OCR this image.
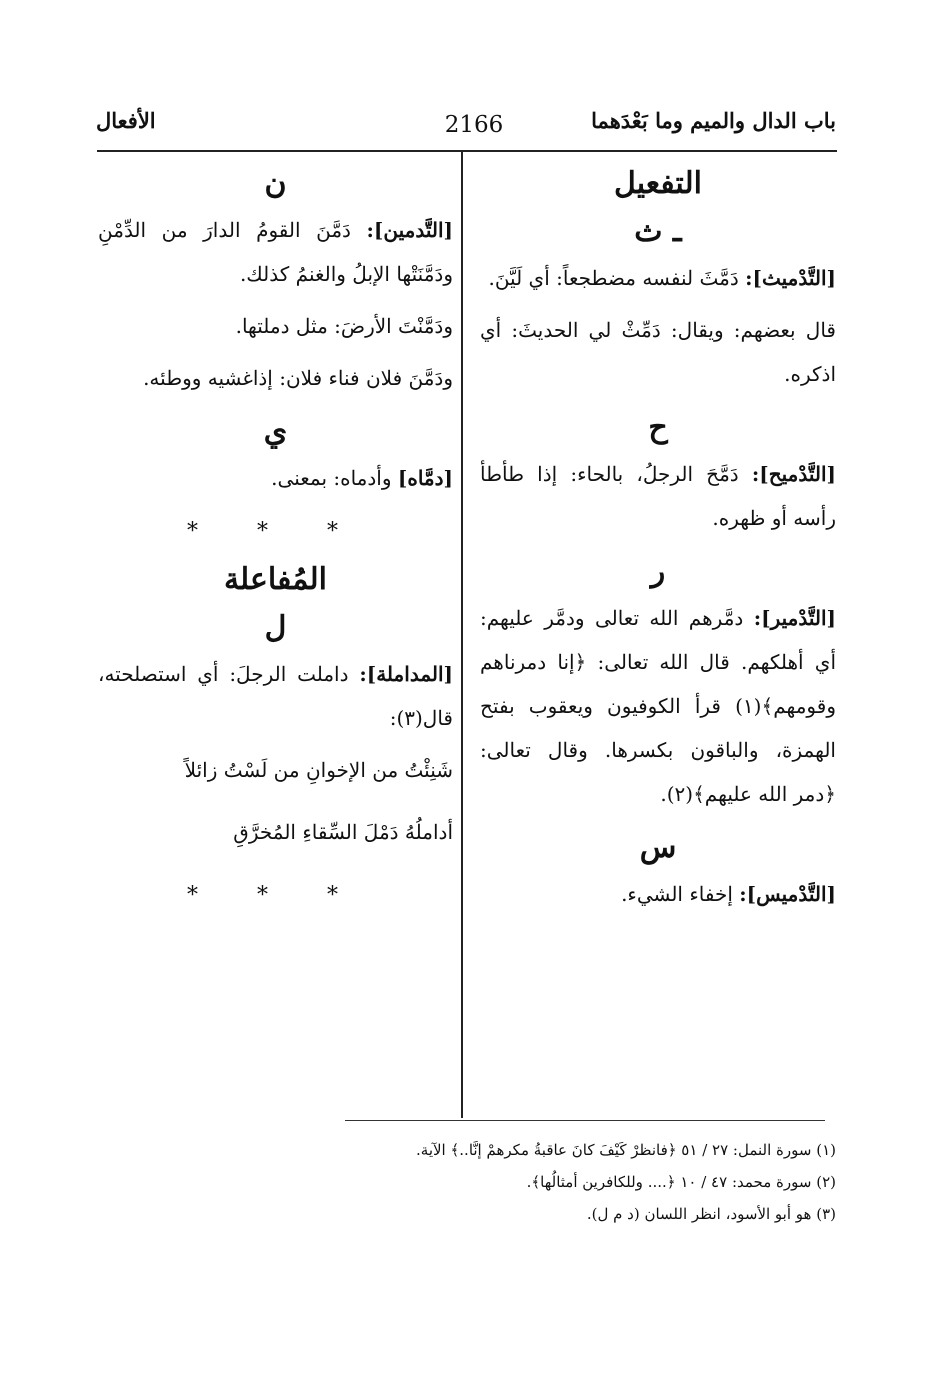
باب الدال والميم وما بَعْدَهما
2166
الأفعال
التفعيل
ـ ث
[التَّدْميث]: دَمَّثَ لنفسه مضطجعاً: أي لَيَّنَ.
قال بعضهم: ويقال: دَمِّثْ لي الحديثَ: أي اذكره.
ح
[التَّدْميح]: دَمَّحَ الرجلُ، بالحاء: إذا طأطأ رأسه أو ظهره.
ر
[التَّدْمير]: دمَّرهم الله تعالى ودمَّر عليهم: أي أهلكهم. قال الله تعالى: ﴿إنا دمرناهم وقومهم﴾(١) قرأ الكوفيون ويعقوب بفتح الهمزة، والباقون بكسرها. وقال تعالى: ﴿دمر الله عليهم﴾(٢).
س
[التَّدْميس]: إخفاء الشيء.
ن
[التَّدمين]: دَمَّنَ القومُ الدارَ من الدِّمْنِ ودَمَّنَتْها الإبلُ والغنمُ كذلك.
ودَمَّنْتَ الأرضَ: مثل دملتها.
ودَمَّنَ فلان فناء فلان: إذاغشيه ووطئه.
ي
[دمَّاه] وأدماه: بمعنى.
* * *
المُفاعلة
ل
[المداملة]: داملت الرجلَ: أي استصلحته، قال(٣):
شَنِئْتُ من الإخوانِ من لَسْتُ زائلاً
أداملُهُ دَمْلَ السِّقاءِ المُخرَّقِ
* * *
(١) سورة النمل: ٢٧ / ٥١ ﴿فانظرْ كَيْفَ كانَ عاقبةُ مكرهمْ إنَّا..﴾ الآية.
(٢) سورة محمد: ٤٧ / ١٠ ﴿.... وللكافرين أمثالُها﴾.
(٣) هو أبو الأسود، انظر اللسان (د م ل).
